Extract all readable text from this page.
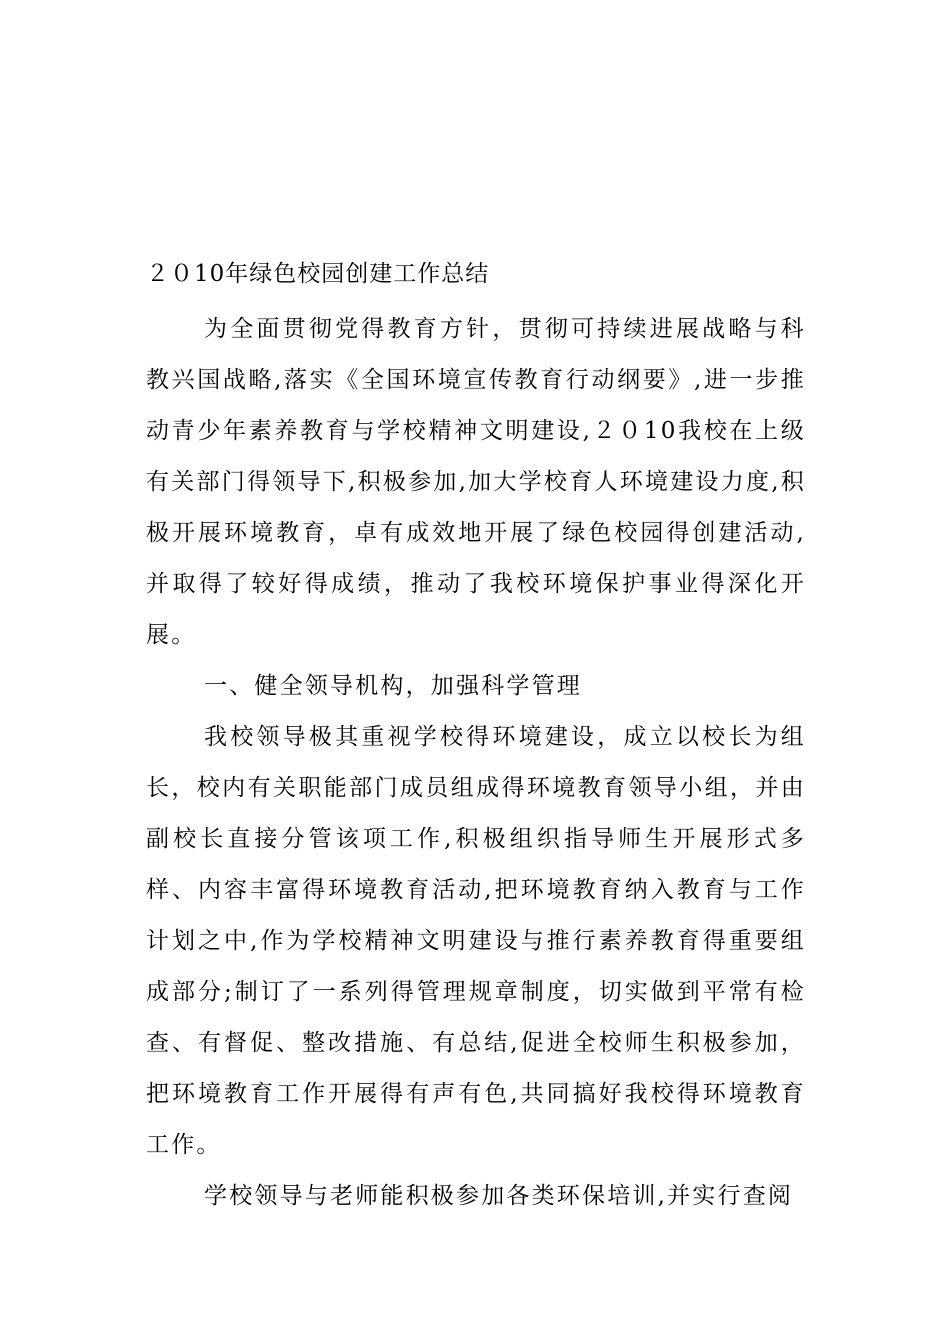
２０10年绿色校园创建工作总结

为全面贯彻党得教育方针，贯彻可持续进展战略与科教兴国战略,落实《全国环境宣传教育行动纲要》,进一步推动青少年素养教育与学校精神文明建设,２０10我校在上级有关部门得领导下,积极参加,加大学校育人环境建设力度,积极开展环境教育，卓有成效地开展了绿色校园得创建活动,并取得了较好得成绩，推动了我校环境保护事业得深化开展。

一、健全领导机构，加强科学管理

我校领导极其重视学校得环境建设，成立以校长为组长，校内有关职能部门成员组成得环境教育领导小组，并由副校长直接分管该项工作,积极组织指导师生开展形式多样、内容丰富得环境教育活动,把环境教育纳入教育与工作计划之中,作为学校精神文明建设与推行素养教育得重要组成部分;制订了一系列得管理规章制度，切实做到平常有检查、有督促、整改措施、有总结,促进全校师生积极参加，把环境教育工作开展得有声有色,共同搞好我校得环境教育工作。

学校领导与老师能积极参加各类环保培训,并实行查阅
